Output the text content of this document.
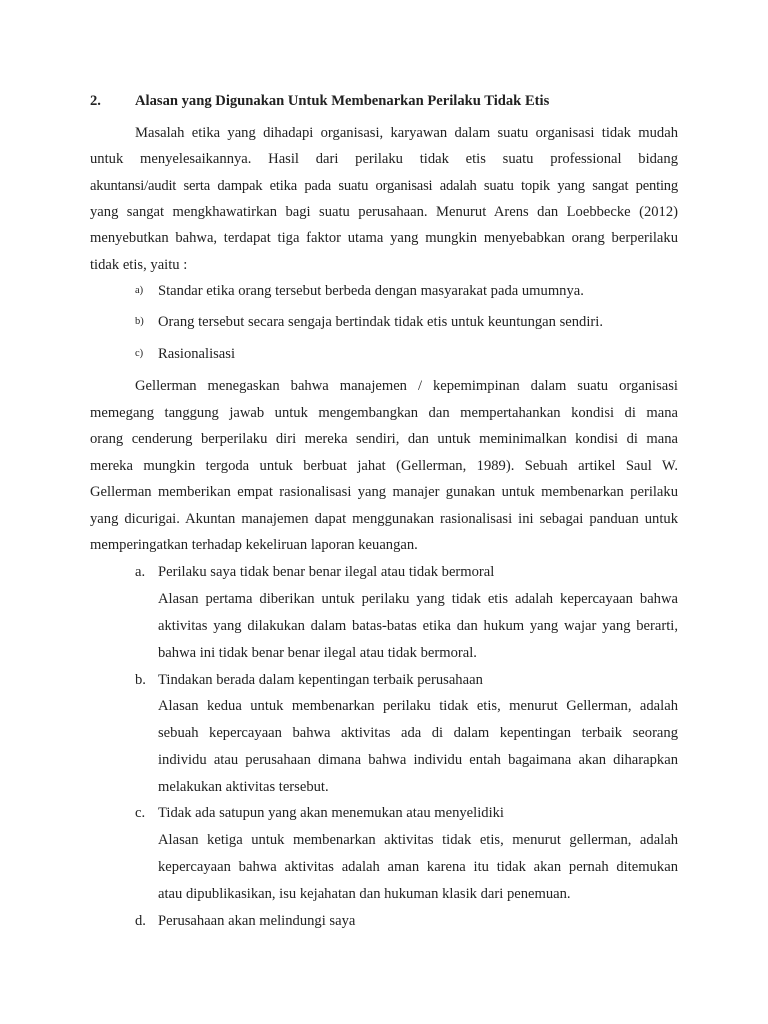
2. Alasan yang Digunakan Untuk Membenarkan Perilaku Tidak Etis
Masalah etika yang dihadapi organisasi, karyawan dalam suatu organisasi tidak mudah
untuk menyelesaikannya. Hasil dari perilaku tidak etis suatu professional bidang
akuntansi/audit serta dampak etika pada suatu organisasi adalah suatu topik yang sangat penting
yang sangat mengkhawatirkan bagi suatu perusahaan. Menurut Arens dan Loebbecke (2012)
menyebutkan bahwa, terdapat tiga faktor utama yang mungkin menyebabkan orang berperilaku
tidak etis, yaitu :
a) Standar etika orang tersebut berbeda dengan masyarakat pada umumnya.
b) Orang tersebut secara sengaja bertindak tidak etis untuk keuntungan sendiri.
c) Rasionalisasi
Gellerman menegaskan bahwa manajemen / kepemimpinan dalam suatu organisasi
memegang tanggung jawab untuk mengembangkan dan mempertahankan kondisi di mana
orang cenderung berperilaku diri mereka sendiri, dan untuk meminimalkan kondisi di mana
mereka mungkin tergoda untuk berbuat jahat (Gellerman, 1989). Sebuah artikel Saul W.
Gellerman memberikan empat rasionalisasi yang manajer gunakan untuk membenarkan perilaku
yang dicurigai. Akuntan manajemen dapat menggunakan rasionalisasi ini sebagai panduan untuk
memperingatkan terhadap kekeliruan laporan keuangan.
a. Perilaku saya tidak benar benar ilegal atau tidak bermoral
Alasan pertama diberikan untuk perilaku yang tidak etis adalah kepercayaan bahwa
aktivitas yang dilakukan dalam batas-batas etika dan hukum yang wajar yang berarti,
bahwa ini tidak benar benar ilegal atau tidak bermoral.
b. Tindakan berada dalam kepentingan terbaik perusahaan
Alasan kedua untuk membenarkan perilaku tidak etis, menurut Gellerman, adalah
sebuah kepercayaan bahwa aktivitas ada di dalam kepentingan terbaik seorang
individu atau perusahaan dimana bahwa individu entah bagaimana akan diharapkan
melakukan aktivitas tersebut.
c. Tidak ada satupun yang akan menemukan atau menyelidiki
Alasan ketiga untuk membenarkan aktivitas tidak etis, menurut gellerman, adalah
kepercayaan bahwa aktivitas adalah aman karena itu tidak akan pernah ditemukan
atau dipublikasikan, isu kejahatan dan hukuman klasik dari penemuan.
d. Perusahaan akan melindungi saya
